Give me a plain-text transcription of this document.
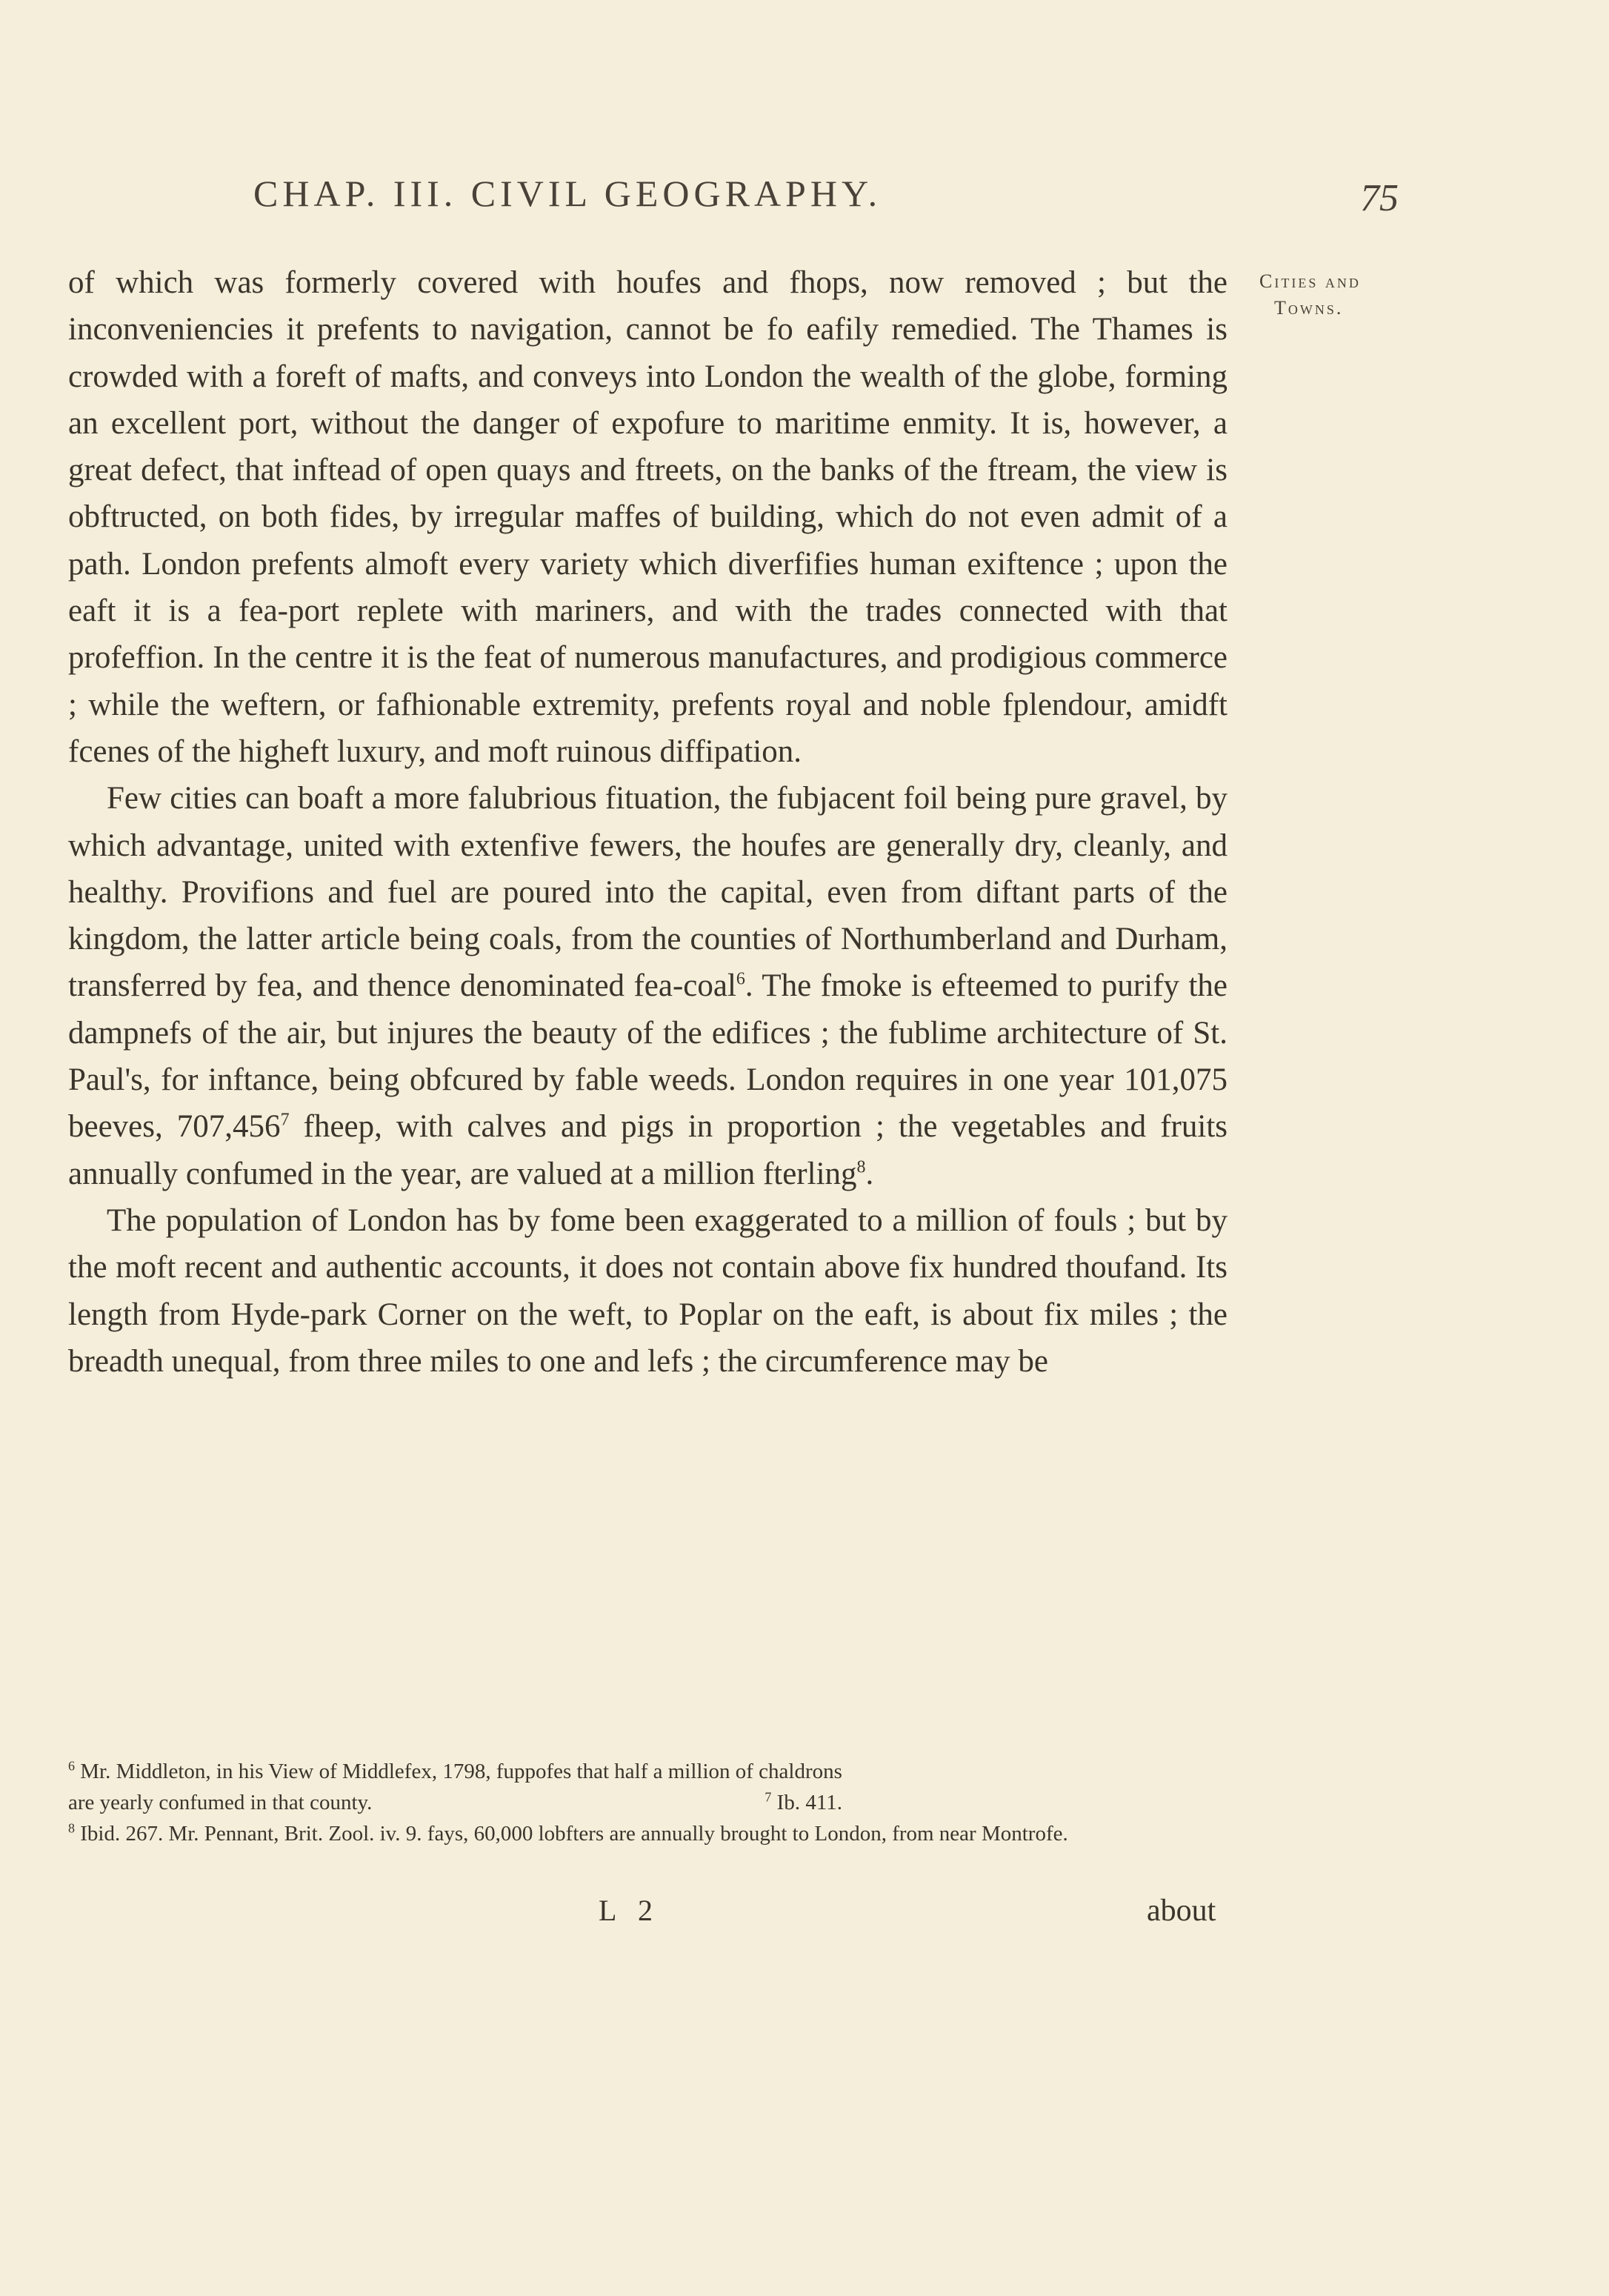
CHAP. III. CIVIL GEOGRAPHY.	75
Cities and
Towns.

of which was formerly covered with houfes and fhops, now removed ; but the inconveniencies it prefents to navigation, cannot be fo eafily remedied. The Thames is crowded with a foreft of mafts, and conveys into London the wealth of the globe, forming an excellent port, without the danger of expofure to maritime enmity. It is, however, a great defect, that inftead of open quays and ftreets, on the banks of the ftream, the view is obftructed, on both fides, by irregular maffes of building, which do not even admit of a path. London prefents almoft every variety which diverfifies human exiftence ; upon the eaft it is a fea-port replete with mariners, and with the trades connected with that profeffion. In the centre it is the feat of numerous manufactures, and prodigious commerce ; while the weftern, or fafhionable extremity, prefents royal and noble fplendour, amidft fcenes of the higheft luxury, and moft ruinous diffipation.

Few cities can boaft a more falubrious fituation, the fubjacent foil being pure gravel, by which advantage, united with extenfive fewers, the houfes are generally dry, cleanly, and healthy. Provifions and fuel are poured into the capital, even from diftant parts of the kingdom, the latter article being coals, from the counties of Northumberland and Durham, transferred by fea, and thence denominated fea-coal$^6$. The fmoke is efteemed to purify the dampnefs of the air, but injures the beauty of the edifices ; the fublime architecture of St. Paul's, for inftance, being obfcured by fable weeds. London requires in one year 101,075 beeves, 707,456$^7$ fheep, with calves and pigs in proportion ; the vegetables and fruits annually confumed in the year, are valued at a million fterling$^8$.

The population of London has by fome been exaggerated to a million of fouls ; but by the moft recent and authentic accounts, it does not contain above fix hundred thoufand. Its length from Hyde-park Corner on the weft, to Poplar on the eaft, is about fix miles ; the breadth unequal, from three miles to one and lefs ; the circumference may be

$^6$ Mr. Middleton, in his View of Middlefex, 1798, fuppofes that half a million of chaldrons

are yearly confumed in that county.	$^7$ Ib. 411.

$^8$ Ibid. 267. Mr. Pennant, Brit. Zool. iv. 9. fays, 60,000 lobfters are annually brought to London, from near Montrofe.

L 2	about
